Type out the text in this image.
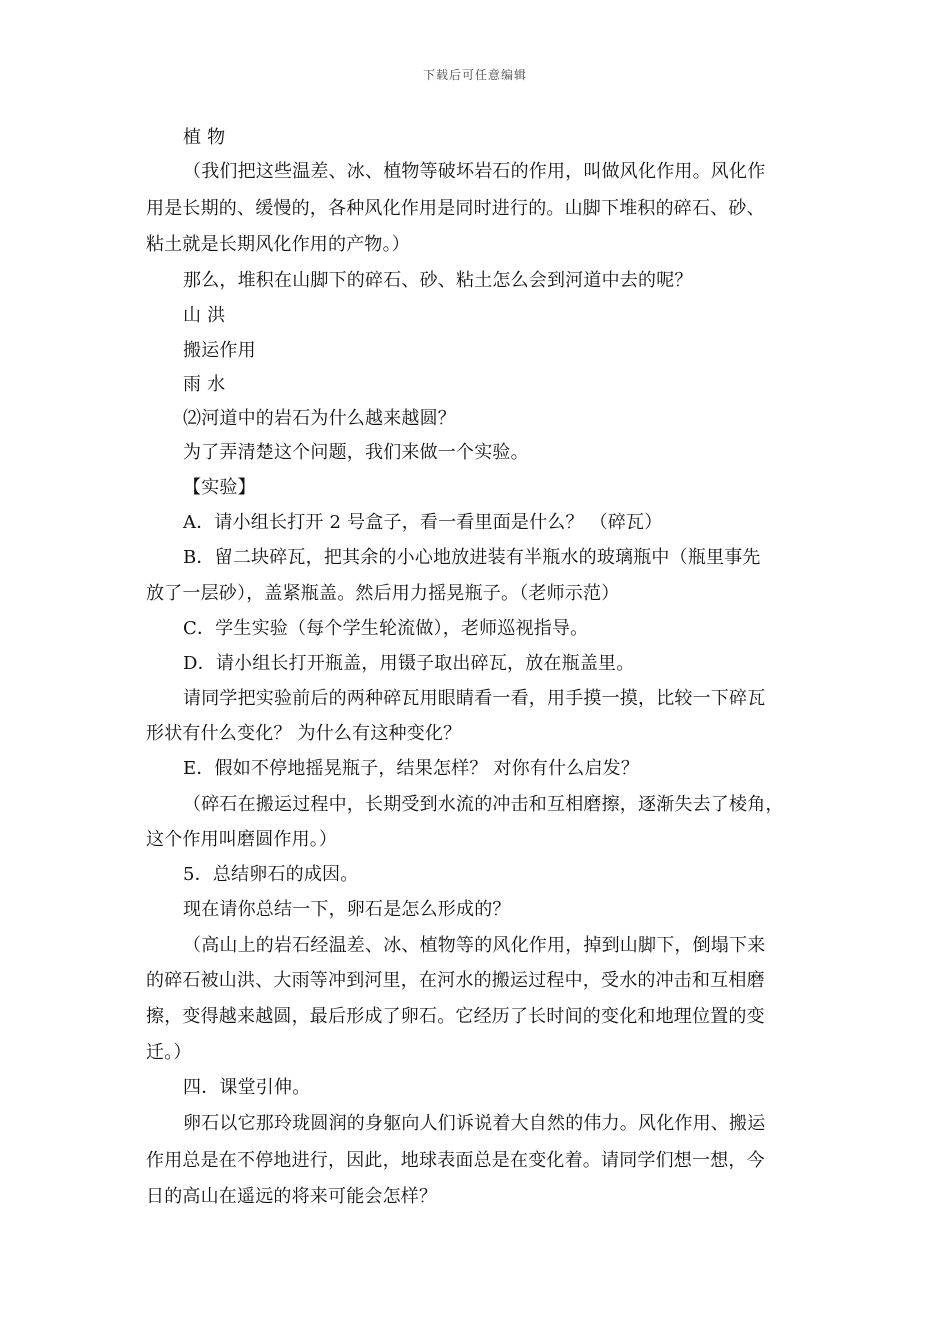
下载后可任意编辑
植 物
（我们把这些温差、冰、植物等破坏岩石的作用，叫做风化作用。风化作
用是长期的、缓慢的，各种风化作用是同时进行的。山脚下堆积的碎石、砂、
粘土就是长期风化作用的产物。）
那么，堆积在山脚下的碎石、砂、粘土怎么会到河道中去的呢？
山 洪
搬运作用
雨 水
⑵河道中的岩石为什么越来越圆？
为了弄清楚这个问题，我们来做一个实验。
【实验】
A．请小组长打开 2 号盒子，看一看里面是什么？ （碎瓦）
B．留二块碎瓦，把其余的小心地放进装有半瓶水的玻璃瓶中（瓶里事先
放了一层砂），盖紧瓶盖。然后用力摇晃瓶子。（老师示范）
C．学生实验（每个学生轮流做），老师巡视指导。
D．请小组长打开瓶盖，用镊子取出碎瓦，放在瓶盖里。
请同学把实验前后的两种碎瓦用眼睛看一看，用手摸一摸，比较一下碎瓦
形状有什么变化？ 为什么有这种变化？
E．假如不停地摇晃瓶子，结果怎样？ 对你有什么启发？
（碎石在搬运过程中，长期受到水流的冲击和互相磨擦，逐渐失去了棱角，
这个作用叫磨圆作用。）
5．总结卵石的成因。
现在请你总结一下，卵石是怎么形成的？
（高山上的岩石经温差、冰、植物等的风化作用，掉到山脚下，倒塌下来
的碎石被山洪、大雨等冲到河里，在河水的搬运过程中，受水的冲击和互相磨
擦，变得越来越圆，最后形成了卵石。它经历了长时间的变化和地理位置的变
迁。）
四．课堂引伸。
卵石以它那玲珑圆润的身躯向人们诉说着大自然的伟力。风化作用、搬运
作用总是在不停地进行，因此，地球表面总是在变化着。请同学们想一想，今
日的高山在遥远的将来可能会怎样？
